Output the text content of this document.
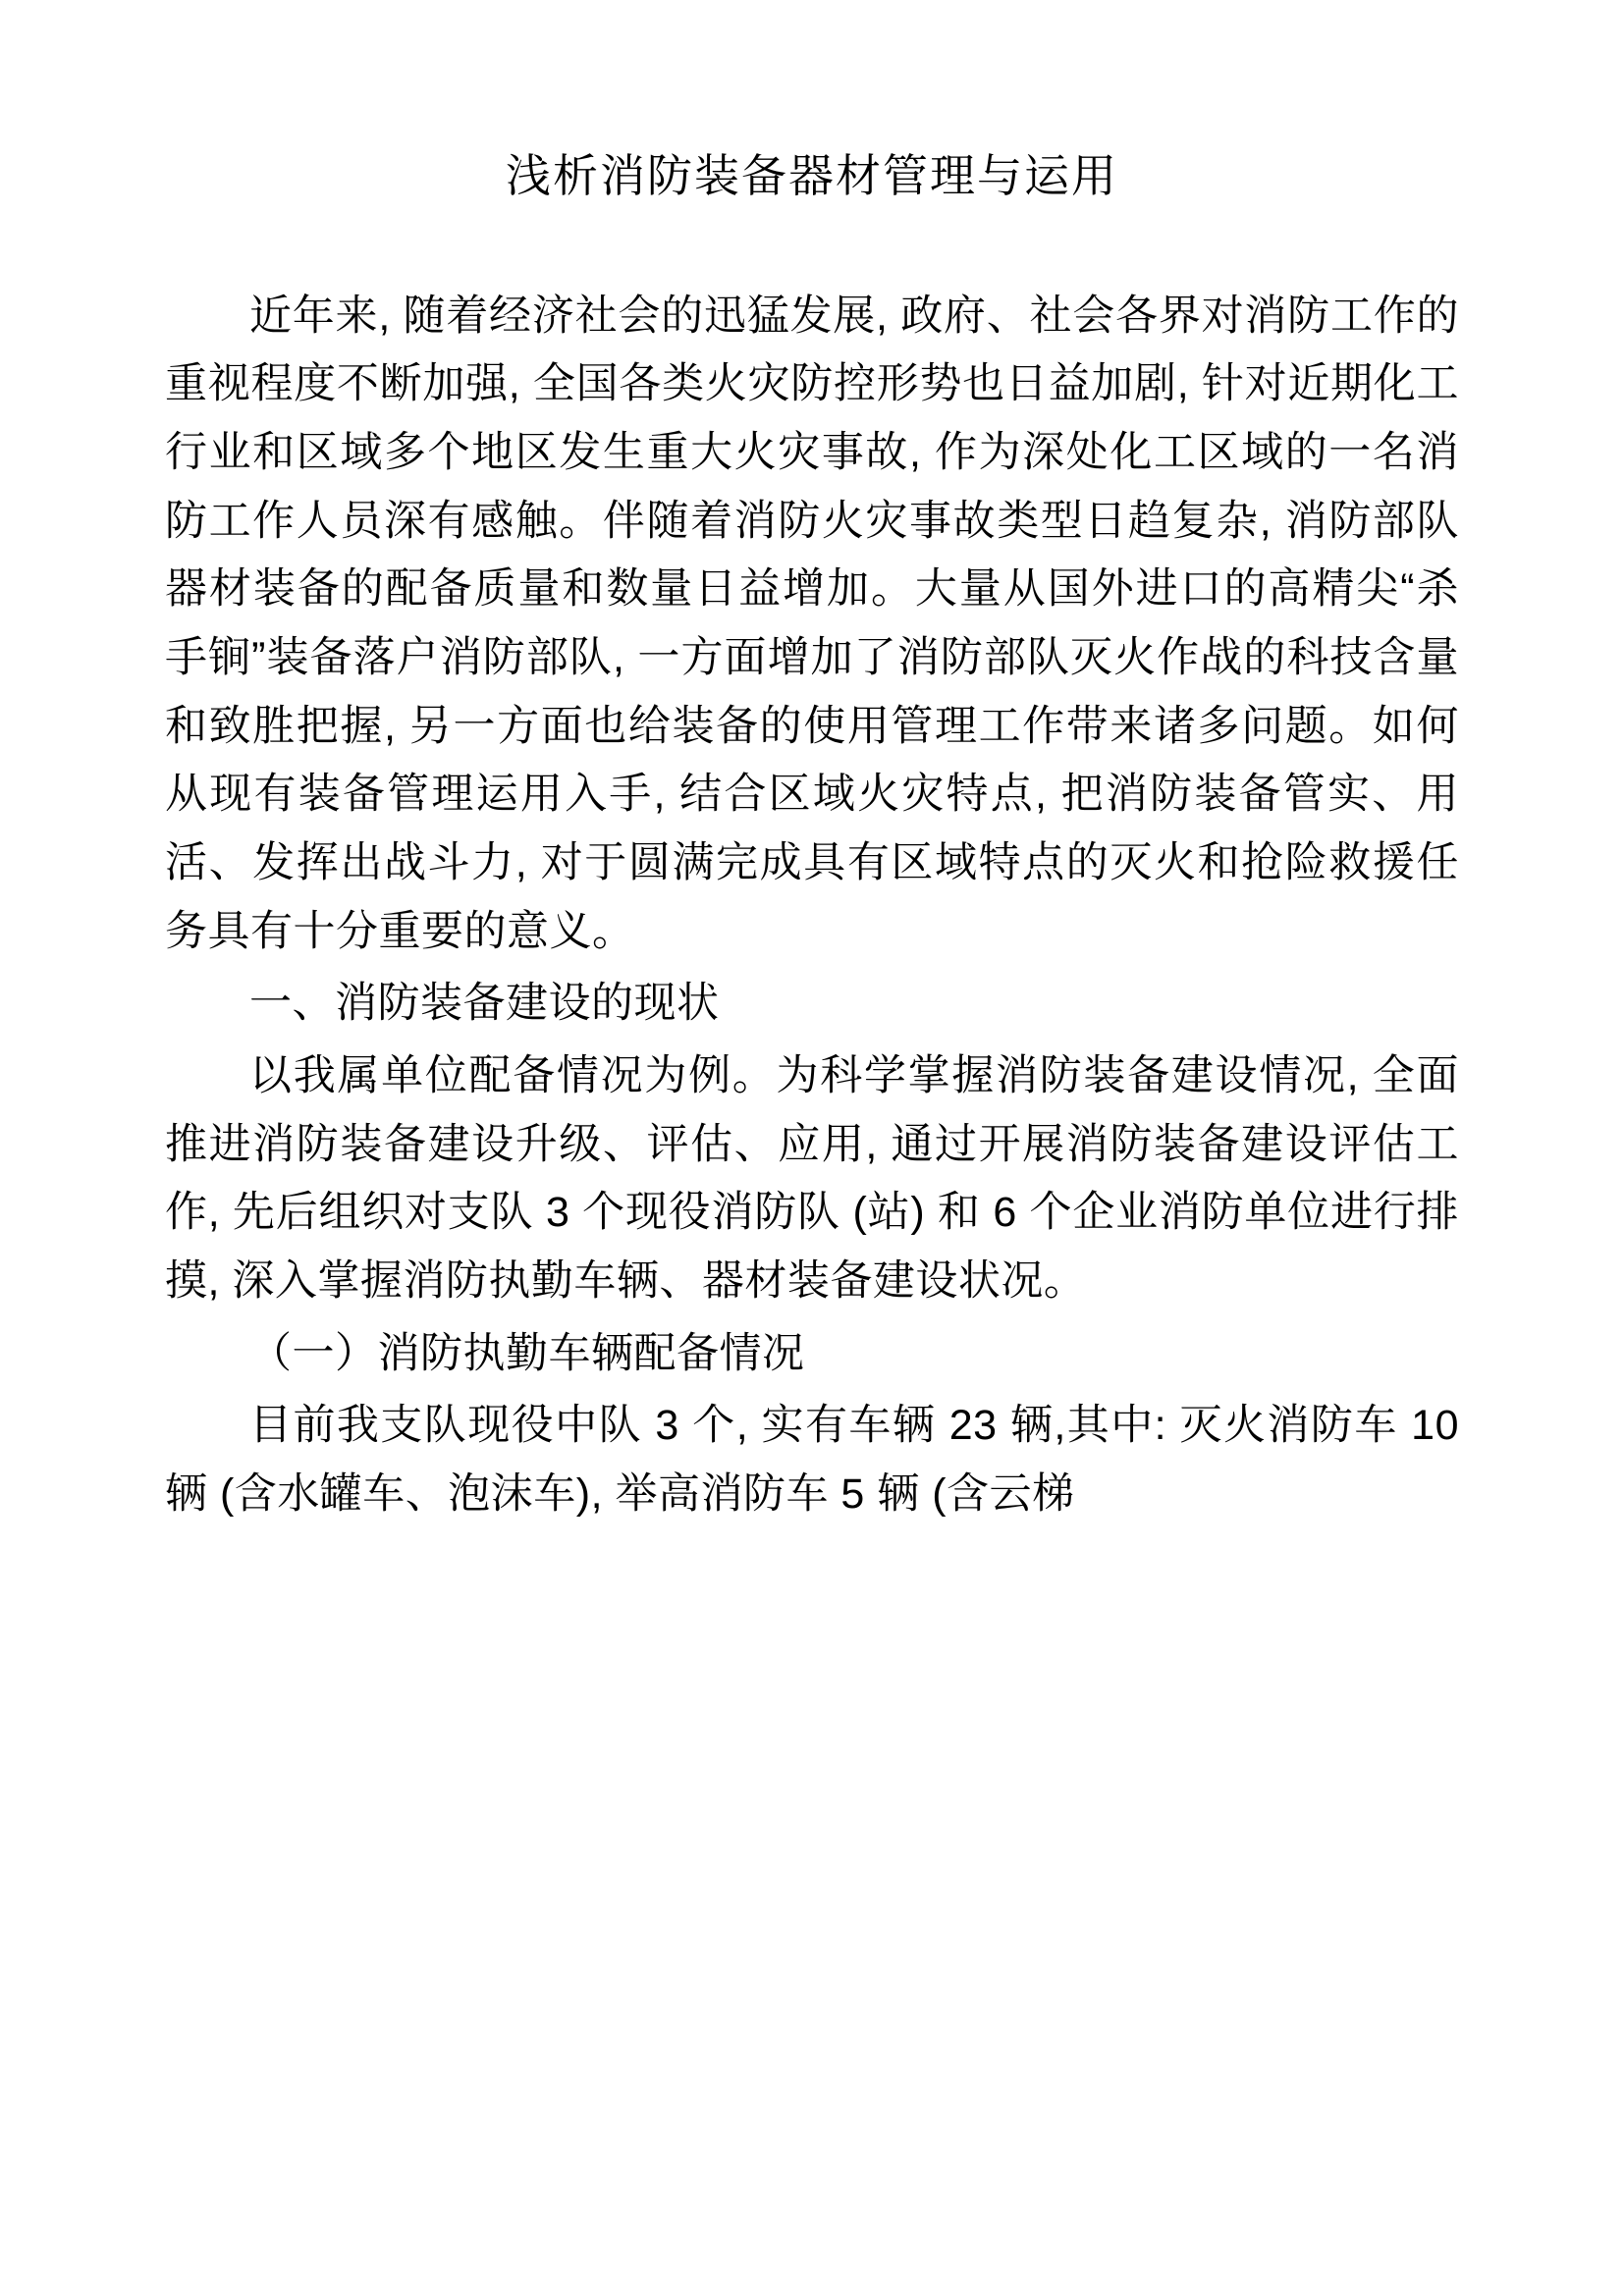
浅析消防装备器材管理与运用

近年来, 随着经济社会的迅猛发展, 政府、社会各界对消防工作的重视程度不断加强, 全国各类火灾防控形势也日益加剧, 针对近期化工行业和区域多个地区发生重大火灾事故, 作为深处化工区域的一名消防工作人员深有感触。伴随着消防火灾事故类型日趋复杂, 消防部队器材装备的配备质量和数量日益增加。大量从国外进口的高精尖“杀手锏”装备落户消防部队, 一方面增加了消防部队灭火作战的科技含量和致胜把握, 另一方面也给装备的使用管理工作带来诸多问题。如何从现有装备管理运用入手, 结合区域火灾特点, 把消防装备管实、用活、发挥出战斗力, 对于圆满完成具有区域特点的灭火和抢险救援任务具有十分重要的意义。

一、消防装备建设的现状

以我属单位配备情况为例。为科学掌握消防装备建设情况, 全面推进消防装备建设升级、评估、应用, 通过开展消防装备建设评估工作, 先后组织对支队 3 个现役消防队 (站) 和 6 个企业消防单位进行排摸, 深入掌握消防执勤车辆、器材装备建设状况。

（一）消防执勤车辆配备情况

目前我支队现役中队 3 个, 实有车辆 23 辆,其中: 灭火消防车 10 辆 (含水罐车、泡沫车), 举高消防车 5 辆 (含云梯
